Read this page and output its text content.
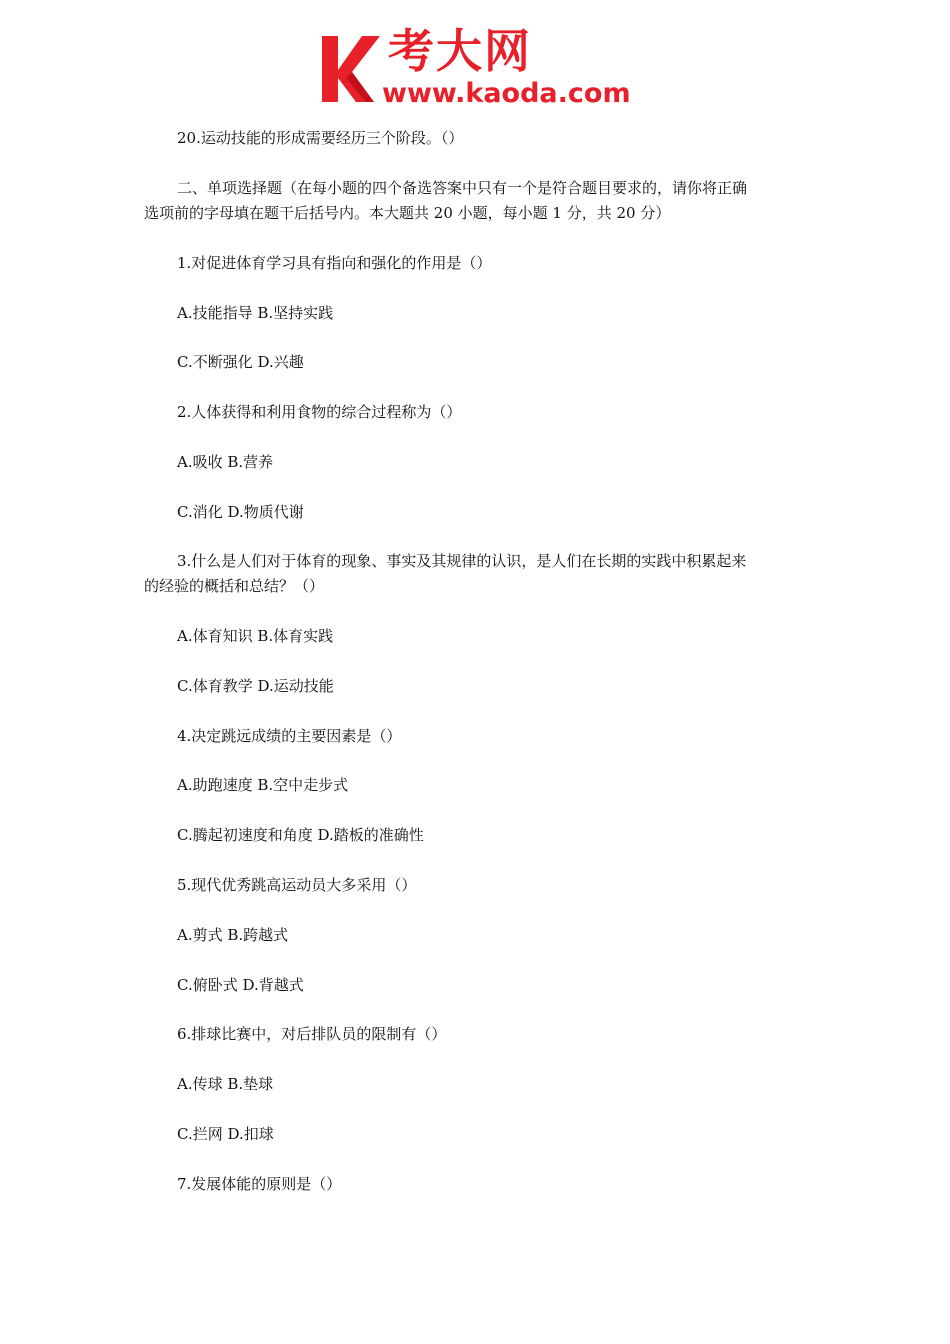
考大网
www.kaoda.com
20.运动技能的形成需要经历三个阶段。（）
二、单项选择题（在每小题的四个备选答案中只有一个是符合题目要求的，请你将正确
选项前的字母填在题干后括号内。本大题共 20 小题，每小题 1 分，共 20 分）
1.对促进体育学习具有指向和强化的作用是（）
A.技能指导 B.坚持实践
C.不断强化 D.兴趣
2.人体获得和利用食物的综合过程称为（）
A.吸收 B.营养
C.消化 D.物质代谢
3.什么是人们对于体育的现象、事实及其规律的认识，是人们在长期的实践中积累起来
的经验的概括和总结？（）
A.体育知识 B.体育实践
C.体育教学 D.运动技能
4.决定跳远成绩的主要因素是（）
A.助跑速度 B.空中走步式
C.腾起初速度和角度 D.踏板的准确性
5.现代优秀跳高运动员大多采用（）
A.剪式 B.跨越式
C.俯卧式 D.背越式
6.排球比赛中，对后排队员的限制有（）
A.传球 B.垫球
C.拦网 D.扣球
7.发展体能的原则是（）
